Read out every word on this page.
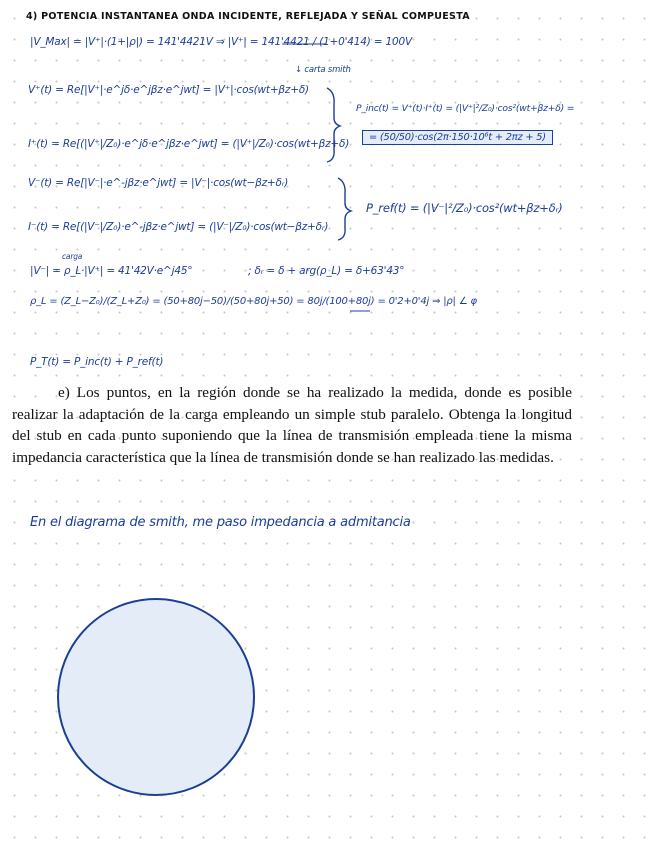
4) POTENCIA INSTANTANEA ONDA INCIDENTE, REFLEJADA Y SEÑAL COMPUESTA
|V_Max| = |V⁺|·(1+|ρ|) = 141'4421V ⇒ |V⁺| = 141'4421 / (1+0'414) = 100V
↓ carta smith
V⁺(t) = Re[|V⁺|·e^jδ·e^jβz·e^jwt] = |V⁺|·cos(wt+βz+δ)
I⁺(t) = Re[(|V⁺|/Z₀)·e^jδ·e^jβz·e^jwt] = (|V⁺|/Z₀)·cos(wt+βz+δ)
P_inc(t) = V⁺(t)·I⁺(t) = (|V⁺|²/Z₀)·cos²(wt+βz+δ) =
= (50/50)·cos(2π·150·10⁶t + 2πz + 5)
V⁻(t) = Re[|V⁻|·e^-jβz·e^jwt] = |V⁻|·cos(wt−βz+δᵣ)
I⁻(t) = Re[(|V⁻|/Z₀)·e^-jβz·e^jwt] = (|V⁻|/Z₀)·cos(wt−βz+δᵣ)
P_ref(t) = (|V⁻|²/Z₀)·cos²(wt+βz+δᵣ)
carga
|V⁻| = ρ_L·|V⁺| = 41'42V·e^j45°	; δᵣ = δ + arg(ρ_L) = δ+63'43°
ρ_L = (Z_L−Z₀)/(Z_L+Z₀) = (50+80j−50)/(50+80j+50) = 80j/(100+80j) = 0'2+0'4j ⇒ |ρ| ∠ φ
P_T(t) = P_inc(t) + P_ref(t)
e) Los puntos, en la región donde se ha realizado la medida, donde es posible realizar la adaptación de la carga empleando un simple stub paralelo. Obtenga la longitud del stub en cada punto suponiendo que la línea de transmisión empleada tiene la misma impedancia característica que la línea de transmisión donde se han realizado las medidas.
En el diagrama de smith, me paso impedancia a admitancia
